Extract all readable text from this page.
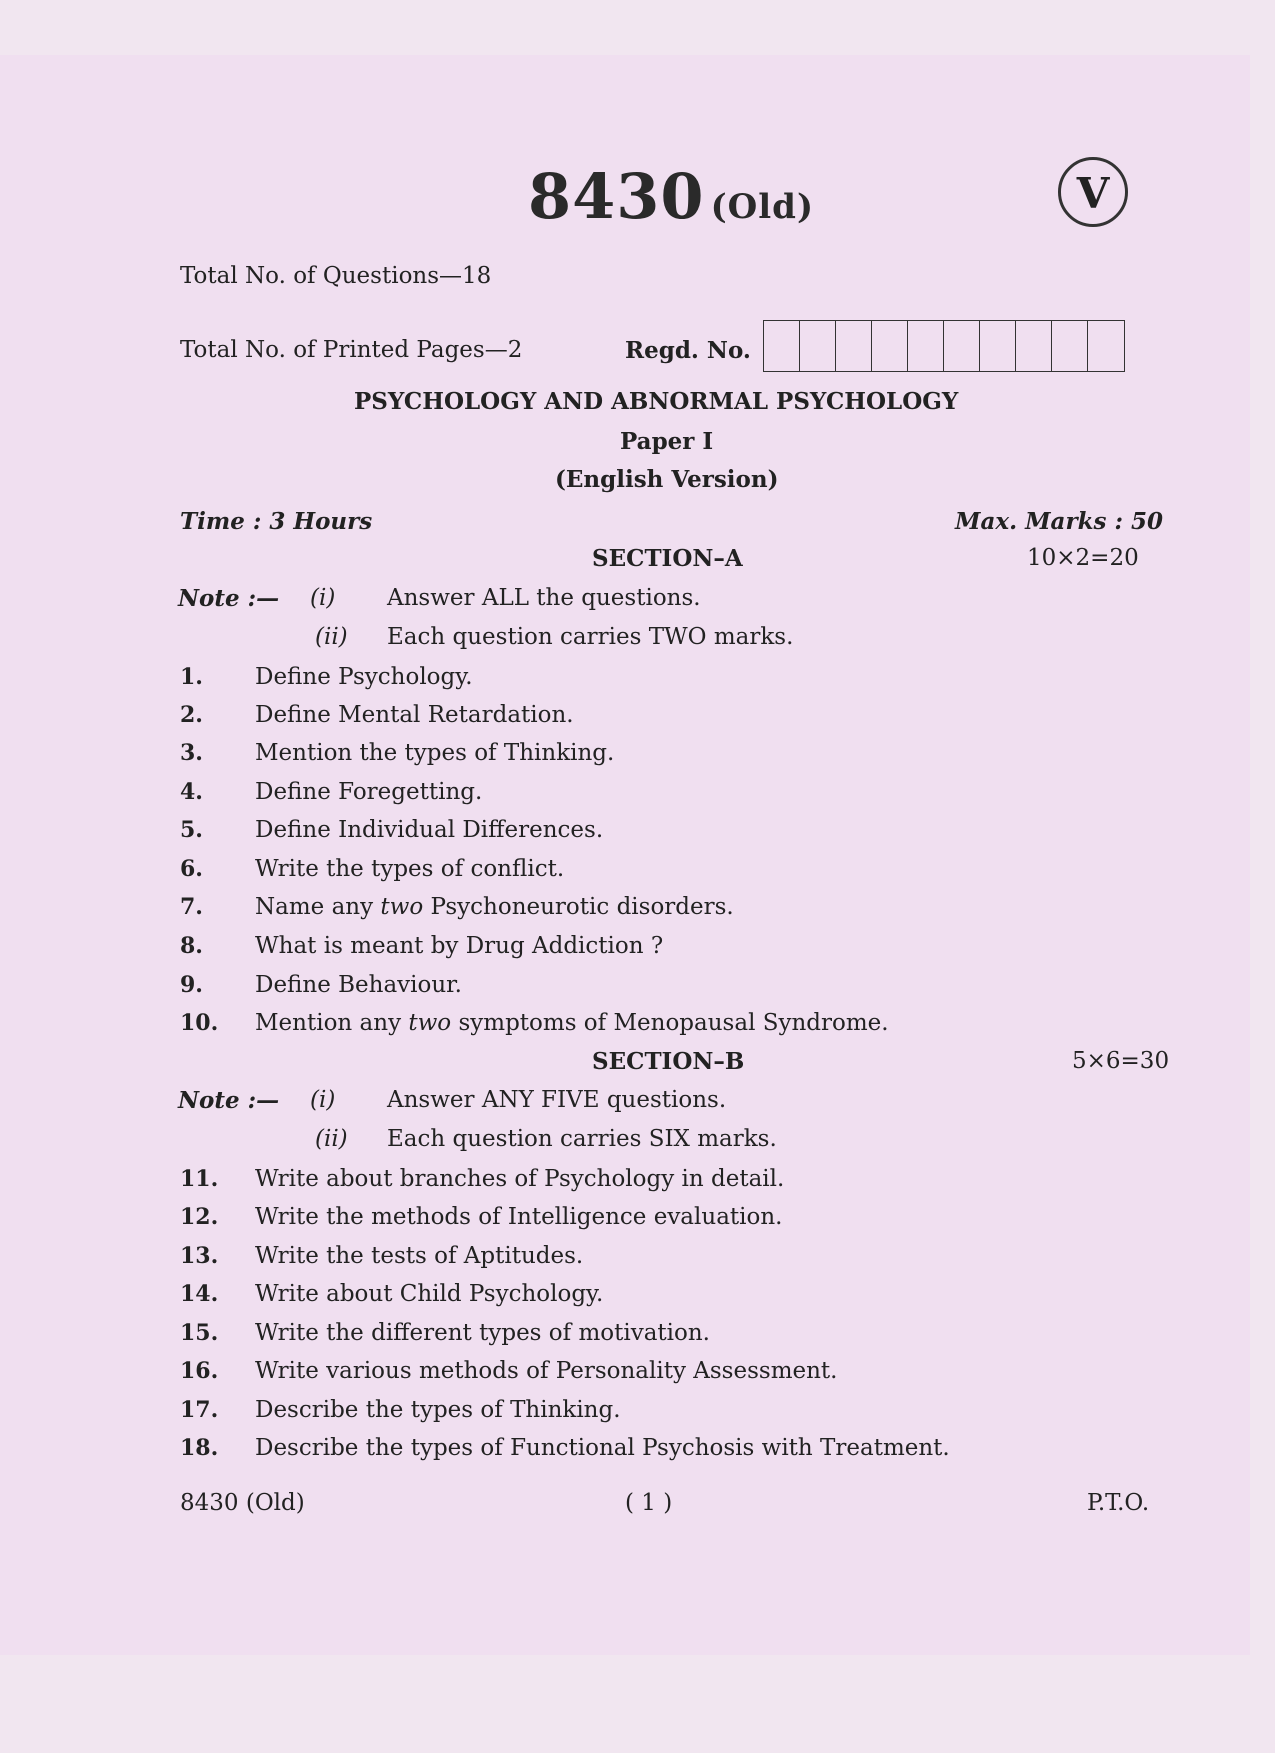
8430 (Old)	V
Total No. of Questions—18
Total No. of Printed Pages—2	Regd. No.
PSYCHOLOGY AND ABNORMAL PSYCHOLOGY
Paper I
(English Version)
Time : 3 Hours	Max. Marks : 50
SECTION–A	10×2=20
Note :— (i) Answer ALL the questions.
(ii) Each question carries TWO marks.
1. Define Psychology.
2. Define Mental Retardation.
3. Mention the types of Thinking.
4. Define Foregetting.
5. Define Individual Differences.
6. Write the types of conflict.
7. Name any two Psychoneurotic disorders.
8. What is meant by Drug Addiction ?
9. Define Behaviour.
10. Mention any two symptoms of Menopausal Syndrome.
SECTION–B	5×6=30
Note :— (i) Answer ANY FIVE questions.
(ii) Each question carries SIX marks.
11. Write about branches of Psychology in detail.
12. Write the methods of Intelligence evaluation.
13. Write the tests of Aptitudes.
14. Write about Child Psychology.
15. Write the different types of motivation.
16. Write various methods of Personality Assessment.
17. Describe the types of Thinking.
18. Describe the types of Functional Psychosis with Treatment.
8430 (Old)	( 1 )	P.T.O.
